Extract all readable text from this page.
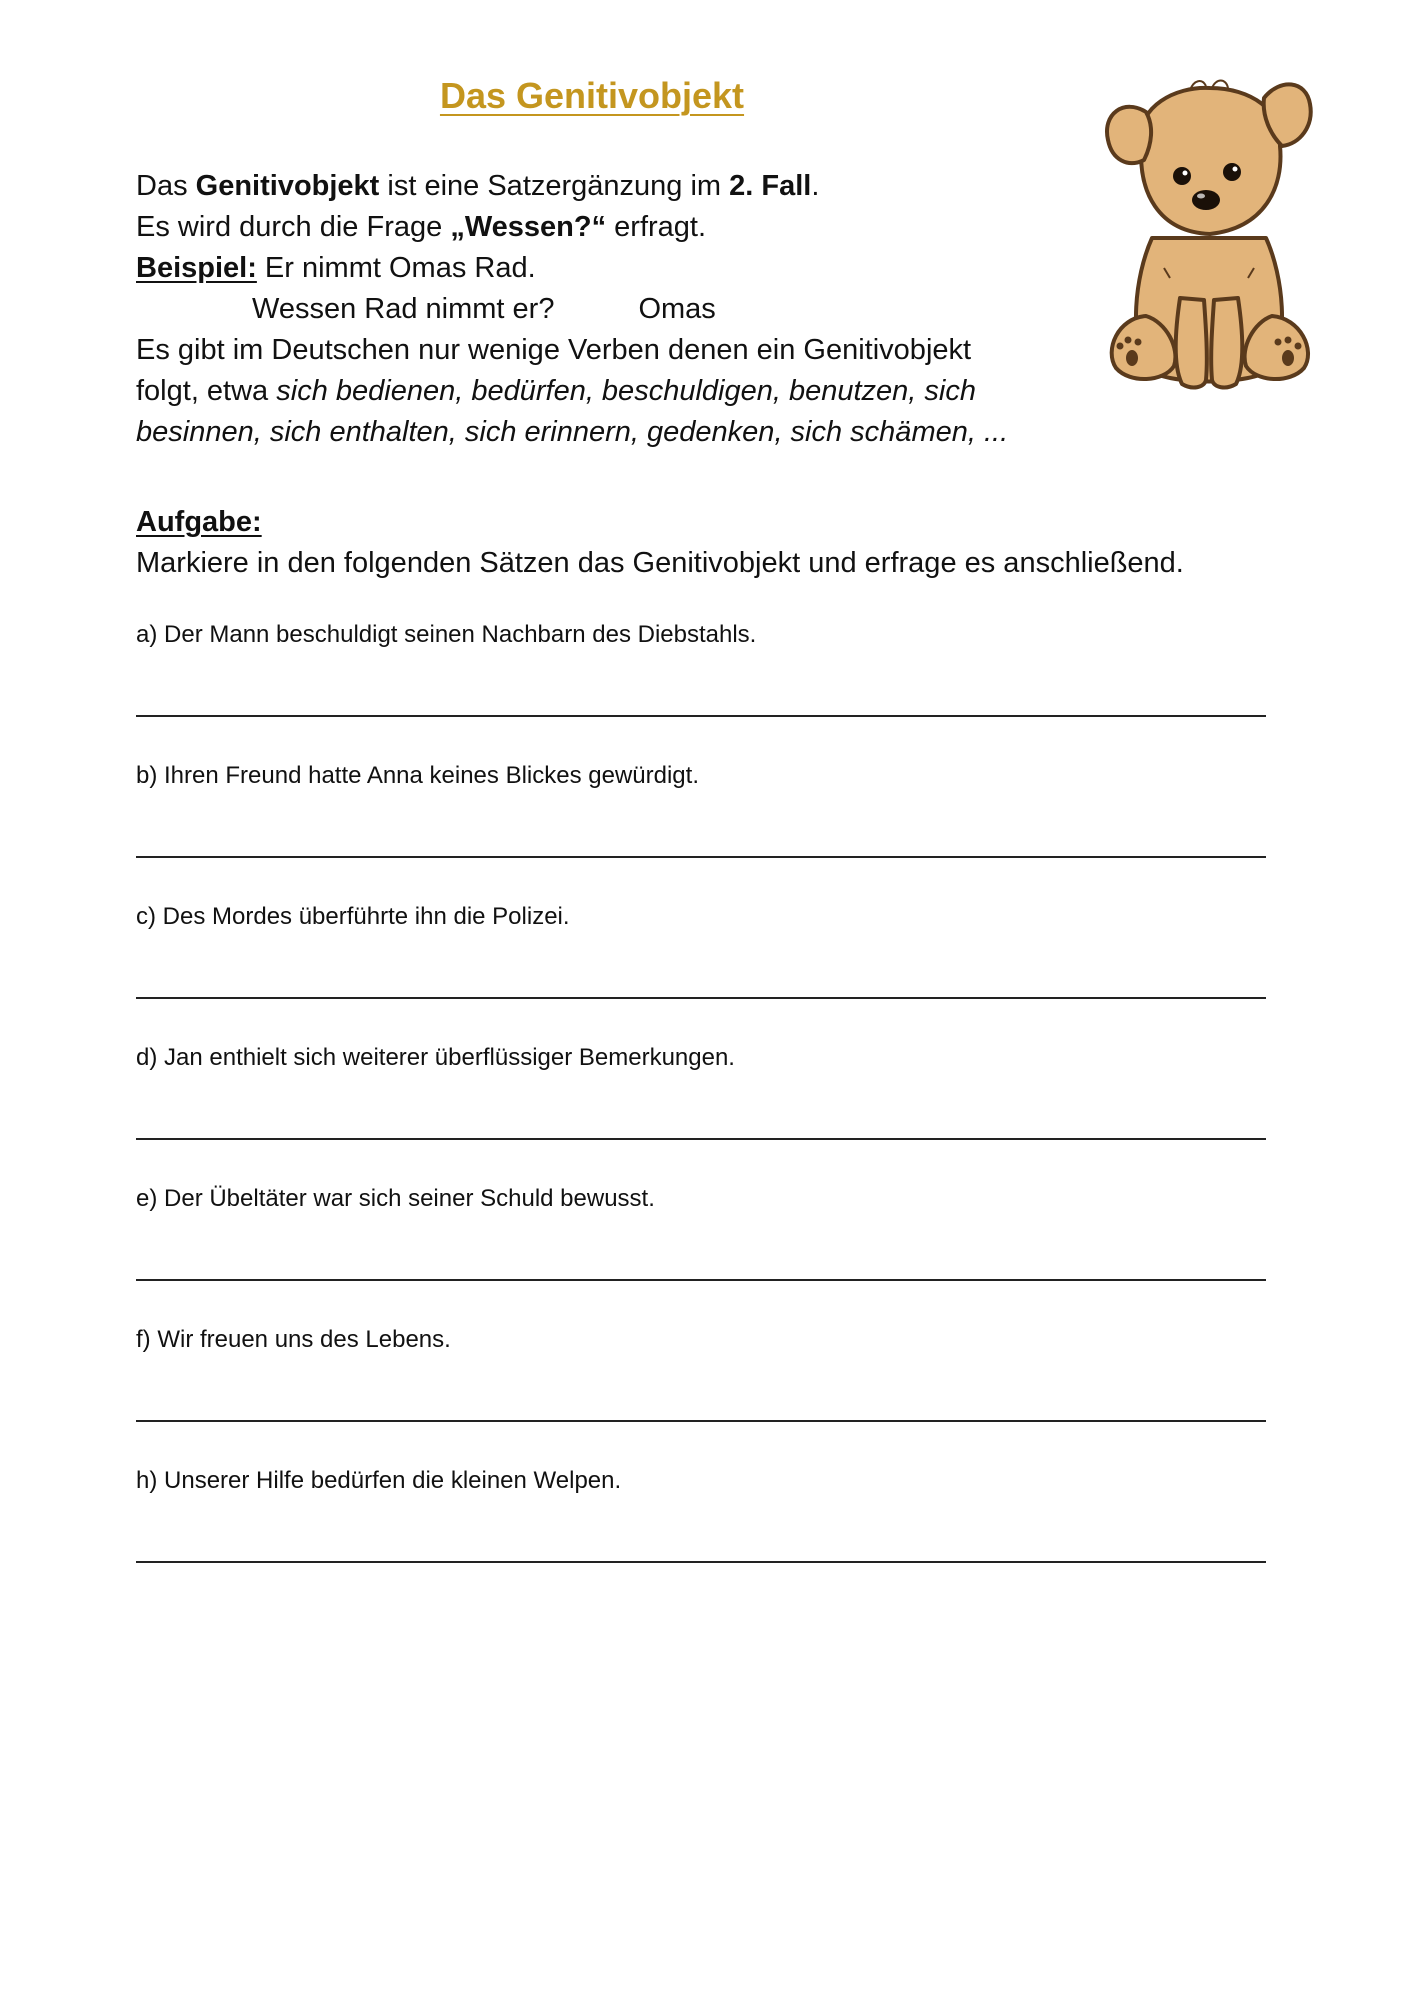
Das Genitivobjekt
Das Genitivobjekt ist eine Satzergänzung im 2. Fall.
Es wird durch die Frage „Wessen?“ erfragt.
Beispiel: Er nimmt Omas Rad.
Wessen Rad nimmt er?	Omas
Es gibt im Deutschen nur wenige Verben denen ein Genitivobjekt
folgt, etwa sich bedienen, bedürfen, beschuldigen, benutzen, sich
besinnen, sich enthalten, sich erinnern, gedenken, sich schämen, ...
Aufgabe:
Markiere in den folgenden Sätzen das Genitivobjekt und erfrage es anschließend.
a) Der Mann beschuldigt seinen Nachbarn des Diebstahls.
b) Ihren Freund hatte Anna keines Blickes gewürdigt.
c) Des Mordes überführte ihn die Polizei.
d) Jan enthielt sich weiterer überflüssiger Bemerkungen.
e) Der Übeltäter war sich seiner Schuld bewusst.
f) Wir freuen uns des Lebens.
h) Unserer Hilfe bedürfen die kleinen Welpen.
